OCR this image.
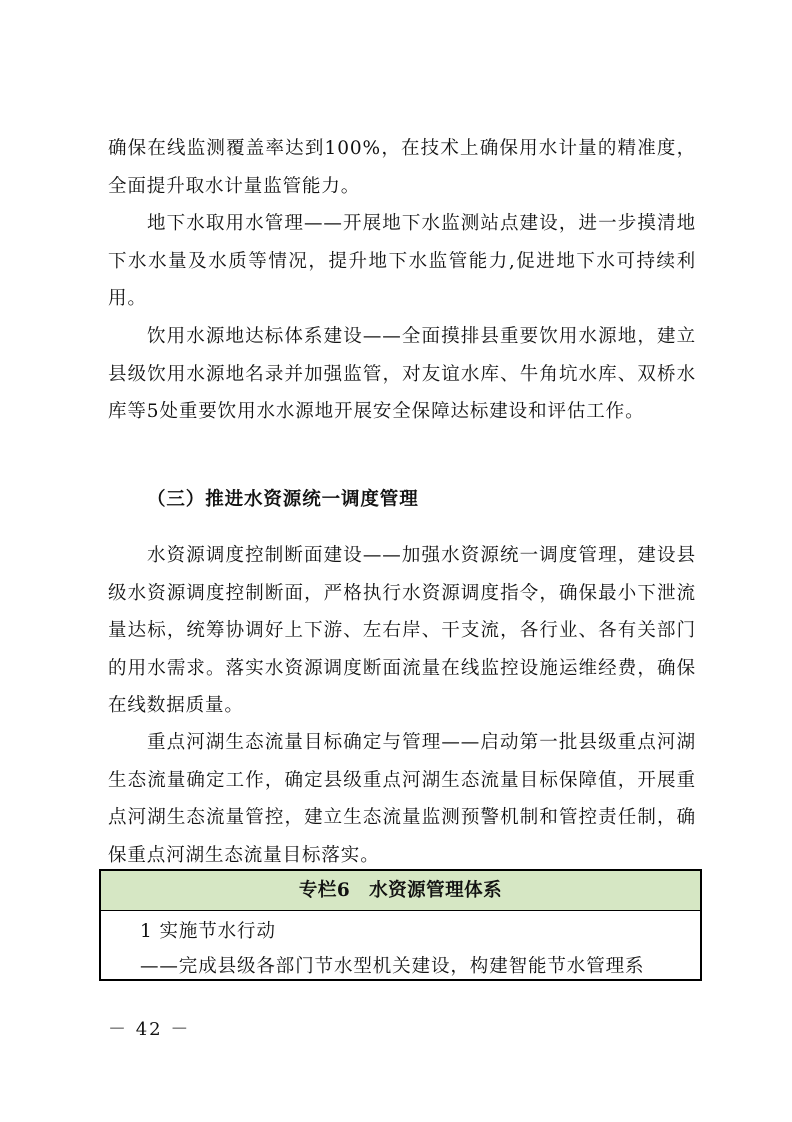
确保在线监测覆盖率达到100%，在技术上确保用水计量的精准度，全面提升取水计量监管能力。

地下水取用水管理——开展地下水监测站点建设，进一步摸清地下水水量及水质等情况，提升地下水监管能力,促进地下水可持续利用。

饮用水源地达标体系建设——全面摸排县重要饮用水源地，建立县级饮用水源地名录并加强监管，对友谊水库、牛角坑水库、双桥水库等5处重要饮用水水源地开展安全保障达标建设和评估工作。

（三）推进水资源统一调度管理

水资源调度控制断面建设——加强水资源统一调度管理，建设县级水资源调度控制断面，严格执行水资源调度指令，确保最小下泄流量达标，统筹协调好上下游、左右岸、干支流，各行业、各有关部门的用水需求。落实水资源调度断面流量在线监控设施运维经费，确保在线数据质量。

重点河湖生态流量目标确定与管理——启动第一批县级重点河湖生态流量确定工作，确定县级重点河湖生态流量目标保障值，开展重点河湖生态流量管控，建立生态流量监测预警机制和管控责任制，确保重点河湖生态流量目标落实。

专栏6　水资源管理体系
1 实施节水行动
——完成县级各部门节水型机关建设，构建智能节水管理系
－ 42 －
